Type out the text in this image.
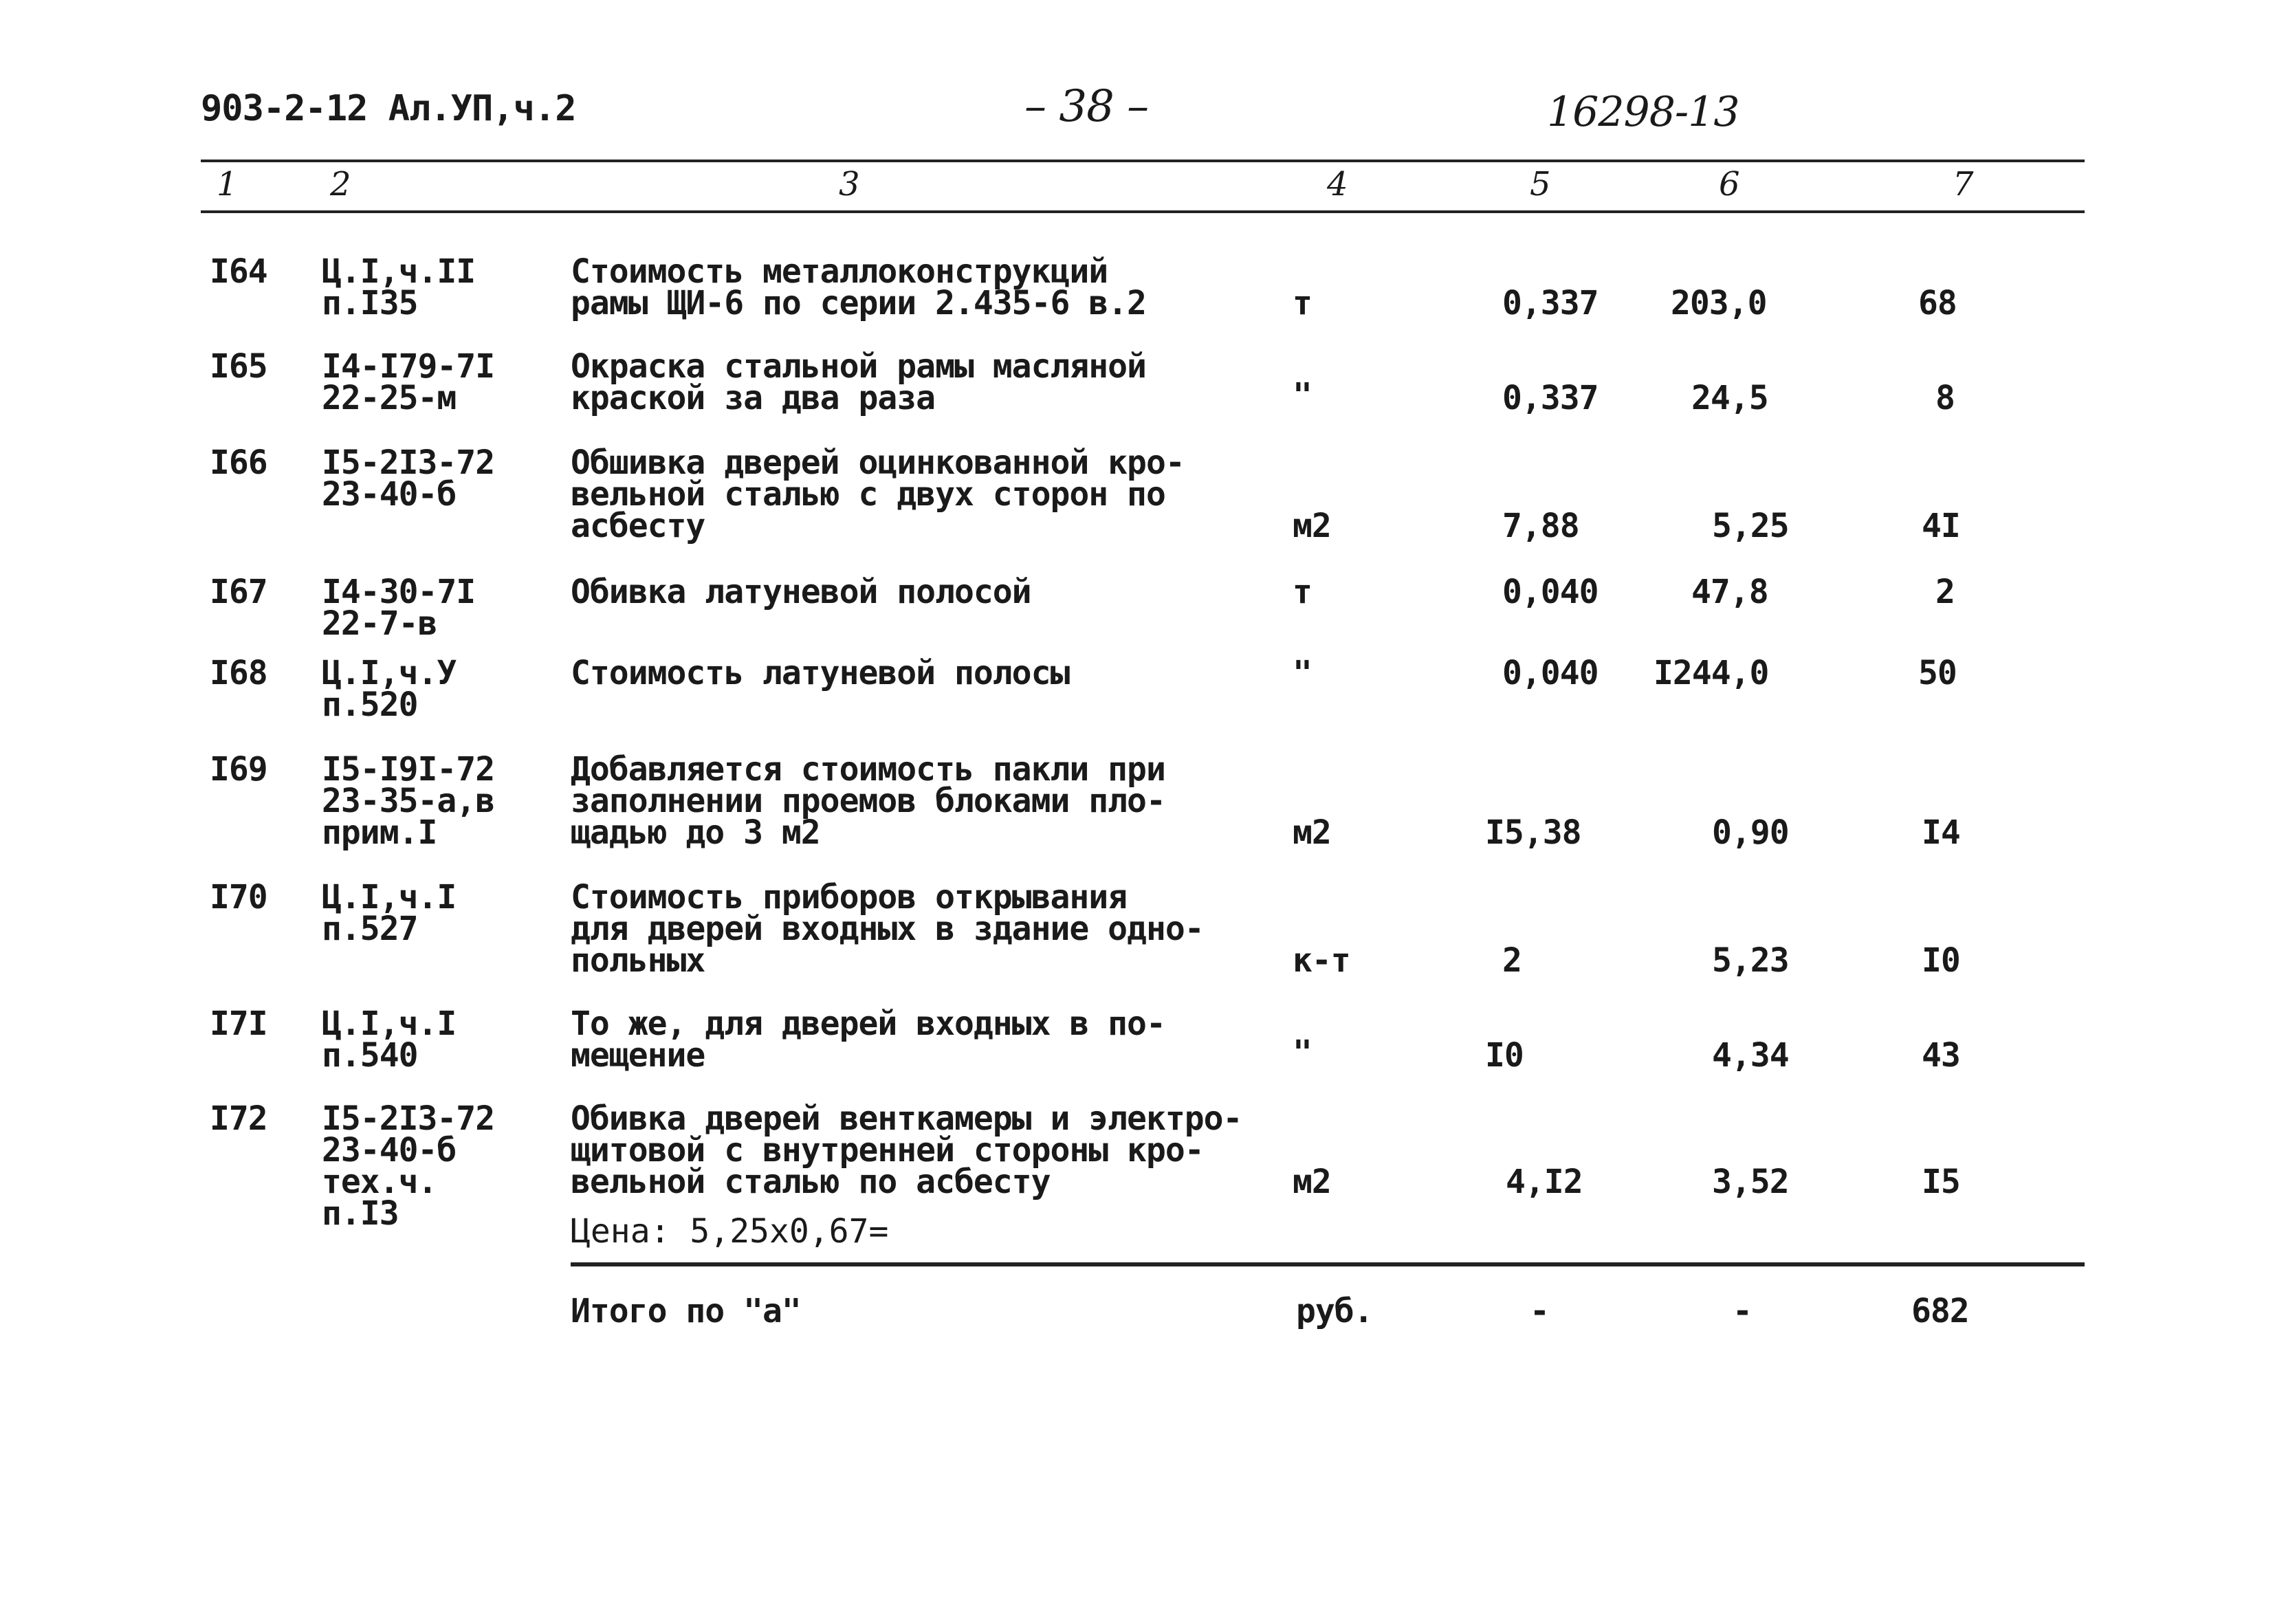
903-2-12 Ал.УП,ч.2	– 38 –	16298-13
1	2	3	4	5	6	7
I64 Ц.I,ч.II
п.I35
Стоимость металлоконструкций
рамы ЩИ-6 по серии 2.435-6 в.2	т	0,337 203,0	68
I65 I4-I79-7I
22-25-м
Окраска стальной рамы масляной
краской за два раза	"	0,337	24,5	8
I66 I5-2I3-72
23-40-б
Обшивка дверей оцинкованной кро-
вельной сталью с двух сторон по
асбесту	м2	7,88	5,25	4I
I67 I4-30-7I
22-7-в
Обивка латуневой полосой	т	0,040	47,8	2
I68 Ц.I,ч.У
п.520
Стоимость латуневой полосы	"	0,040 I244,0	50
I69 I5-I9I-72
23-35-а,в
прим.I
Добавляется стоимость пакли при
заполнении проемов блоками пло-
щадью до 3 м2	м2	I5,38	0,90	I4
I70 Ц.I,ч.I
п.527
Стоимость приборов открывания
для дверей входных в здание одно-
польных	к-т	2	5,23	I0
I7I Ц.I,ч.I
п.540
То же, для дверей входных в по-
мещение	"	I0	4,34	43
I72 I5-2I3-72
23-40-б
тех.ч.
п.I3
Обивка дверей венткамеры и электро-
щитовой с внутренней стороны кро-
вельной сталью по асбесту	м2	4,I2	3,52	I5
Цена: 5,25х0,67=
Итого по "а"	руб.	-	-	682
